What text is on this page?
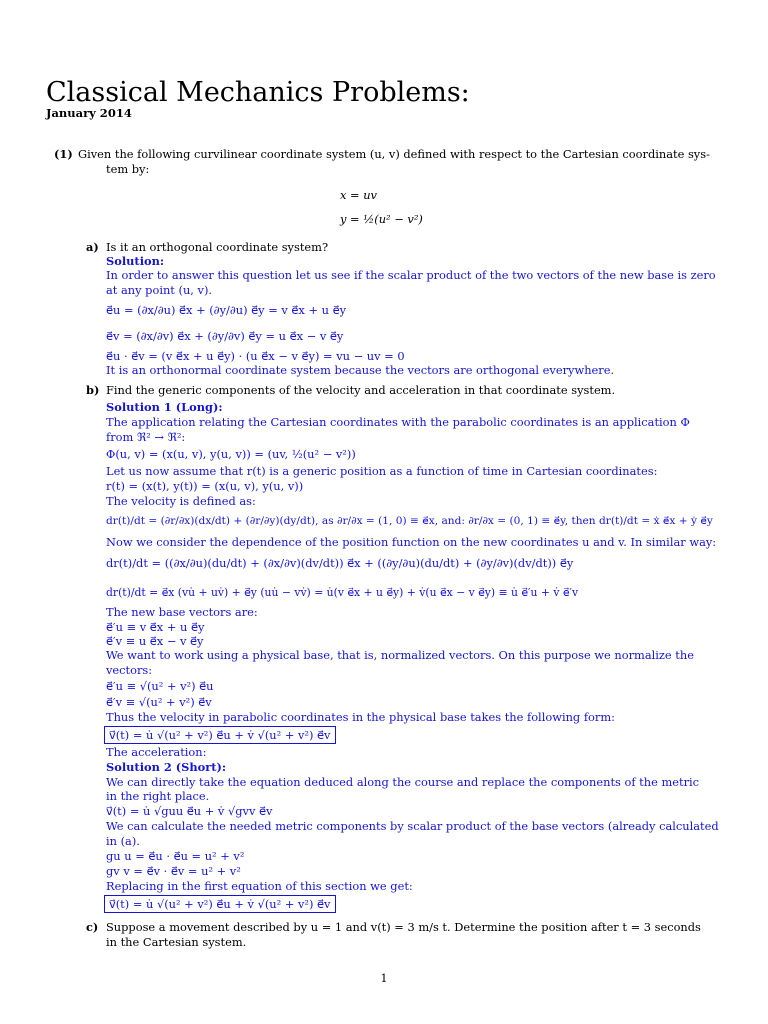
Classical Mechanics Problems:
January 2014
(1) Given the following curvilinear coordinate system (u, v) defined with respect to the Cartesian coordinate sys-
tem by:
x = uv
y = ½(u² − v²)
a) Is it an orthogonal coordinate system?
Solution:
In order to answer this question let us see if the scalar product of the two vectors of the new base is zero
at any point (u, v).
e⃗u = (∂x/∂u) e⃗x + (∂y/∂u) e⃗y = v e⃗x + u e⃗y
e⃗v = (∂x/∂v) e⃗x + (∂y/∂v) e⃗y = u e⃗x − v e⃗y
e⃗u · e⃗v = (v e⃗x + u e⃗y) · (u e⃗x − v e⃗y) = vu − uv = 0
It is an orthonormal coordinate system because the vectors are orthogonal everywhere.
b) Find the generic components of the velocity and acceleration in that coordinate system.
Solution 1 (Long):
The application relating the Cartesian coordinates with the parabolic coordinates is an application Φ
from ℜ² → ℜ²:
Φ(u, v) = (x(u, v), y(u, v)) = (uv, ½(u² − v²))
Let us now assume that r(t) is a generic position as a function of time in Cartesian coordinates:
r(t) = (x(t), y(t)) = (x(u, v), y(u, v))
The velocity is defined as:
dr(t)/dt = (∂r/∂x)(dx/dt) + (∂r/∂y)(dy/dt), as ∂r/∂x = (1, 0) ≡ e⃗x, and: ∂r/∂x = (0, 1) ≡ e⃗y, then dr(t)/dt = ẋ e⃗x + ẏ e⃗y
Now we consider the dependence of the position function on the new coordinates u and v. In similar way:
dr(t)/dt = ((∂x/∂u)(du/dt) + (∂x/∂v)(dv/dt)) e⃗x + ((∂y/∂u)(du/dt) + (∂y/∂v)(dv/dt)) e⃗y
dr(t)/dt = e⃗x (vu̇ + uv̇) + e⃗y (uu̇ − vv̇) = u̇(v e⃗x + u e⃗y) + v̇(u e⃗x − v e⃗y) ≡ u̇ e⃗′u + v̇ e⃗′v
The new base vectors are:
e⃗′u ≡ v e⃗x + u e⃗y
e⃗′v ≡ u e⃗x − v e⃗y
We want to work using a physical base, that is, normalized vectors. On this purpose we normalize the
vectors:
e⃗′u ≡ √(u² + v²) e⃗u
e⃗′v ≡ √(u² + v²) e⃗v
Thus the velocity in parabolic coordinates in the physical base takes the following form:
v⃗(t) = u̇ √(u² + v²) e⃗u + v̇ √(u² + v²) e⃗v
The acceleration:
Solution 2 (Short):
We can directly take the equation deduced along the course and replace the components of the metric
in the right place.
v⃗(t) = u̇ √guu e⃗u + v̇ √gvv e⃗v
We can calculate the needed metric components by scalar product of the base vectors (already calculated
in (a).
gu u = e⃗u · e⃗u = u² + v²
gv v = e⃗v · e⃗v = u² + v²
Replacing in the first equation of this section we get:
v⃗(t) = u̇ √(u² + v²) e⃗u + v̇ √(u² + v²) e⃗v
c) Suppose a movement described by u = 1 and v(t) = 3 m/s t. Determine the position after t = 3 seconds
in the Cartesian system.
1
